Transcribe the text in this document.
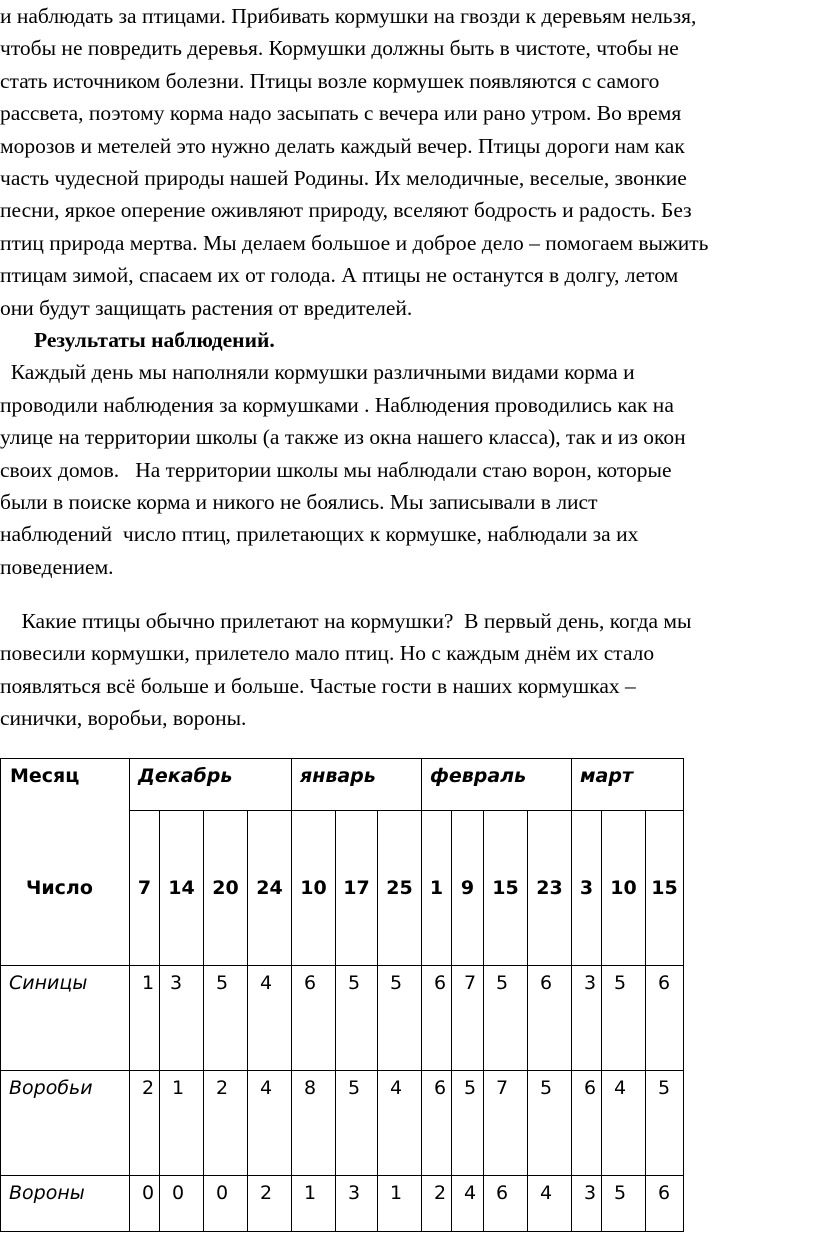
и наблюдать за птицами. Прибивать кормушки на гвозди к деревьям нельзя,
чтобы не повредить деревья. Кормушки должны быть в чистоте, чтобы не
стать источником болезни. Птицы возле кормушек появляются с самого
рассвета, поэтому корма надо засыпать с вечера или рано утром. Во время
морозов и метелей это нужно делать каждый вечер. Птицы дороги нам как
часть чудесной природы нашей Родины. Их мелодичные, веселые, звонкие
песни, яркое оперение оживляют природу, вселяют бодрость и радость. Без
птиц природа мертва. Мы делаем большое и доброе дело – помогаем выжить
птицам зимой, спасаем их от голода. А птицы не останутся в долгу, летом
они будут защищать растения от вредителей.
Результаты наблюдений.
Каждый день мы наполняли кормушки различными видами корма и
проводили наблюдения за кормушками . Наблюдения проводились как на
улице на территории школы (а также из окна нашего класса), так и из окон
своих домов.   На территории школы мы наблюдали стаю ворон, которые
были в поиске корма и никого не боялись. Мы записывали в лист
наблюдений  число птиц, прилетающих к кормушке, наблюдали за их
поведением.
Какие птицы обычно прилетают на кормушки?  В первый день, когда мы
повесили кормушки, прилетело мало птиц. Но с каждым днём их стало
появляться всё больше и больше. Частые гости в наших кормушках –
синички, воробьи, вороны.
Месяц	Декабрь				январь			февраль				март		
Число	7	14	20	24	10	17	25	1	9	15	23	3	10	15
Синицы	1	3	5	4	6	5	5	6	7	5	6	3	5	6
Воробьи	2	1	2	4	8	5	4	6	5	7	5	6	4	5
Вороны	0	0	0	2	1	3	1	2	4	6	4	3	5	6
